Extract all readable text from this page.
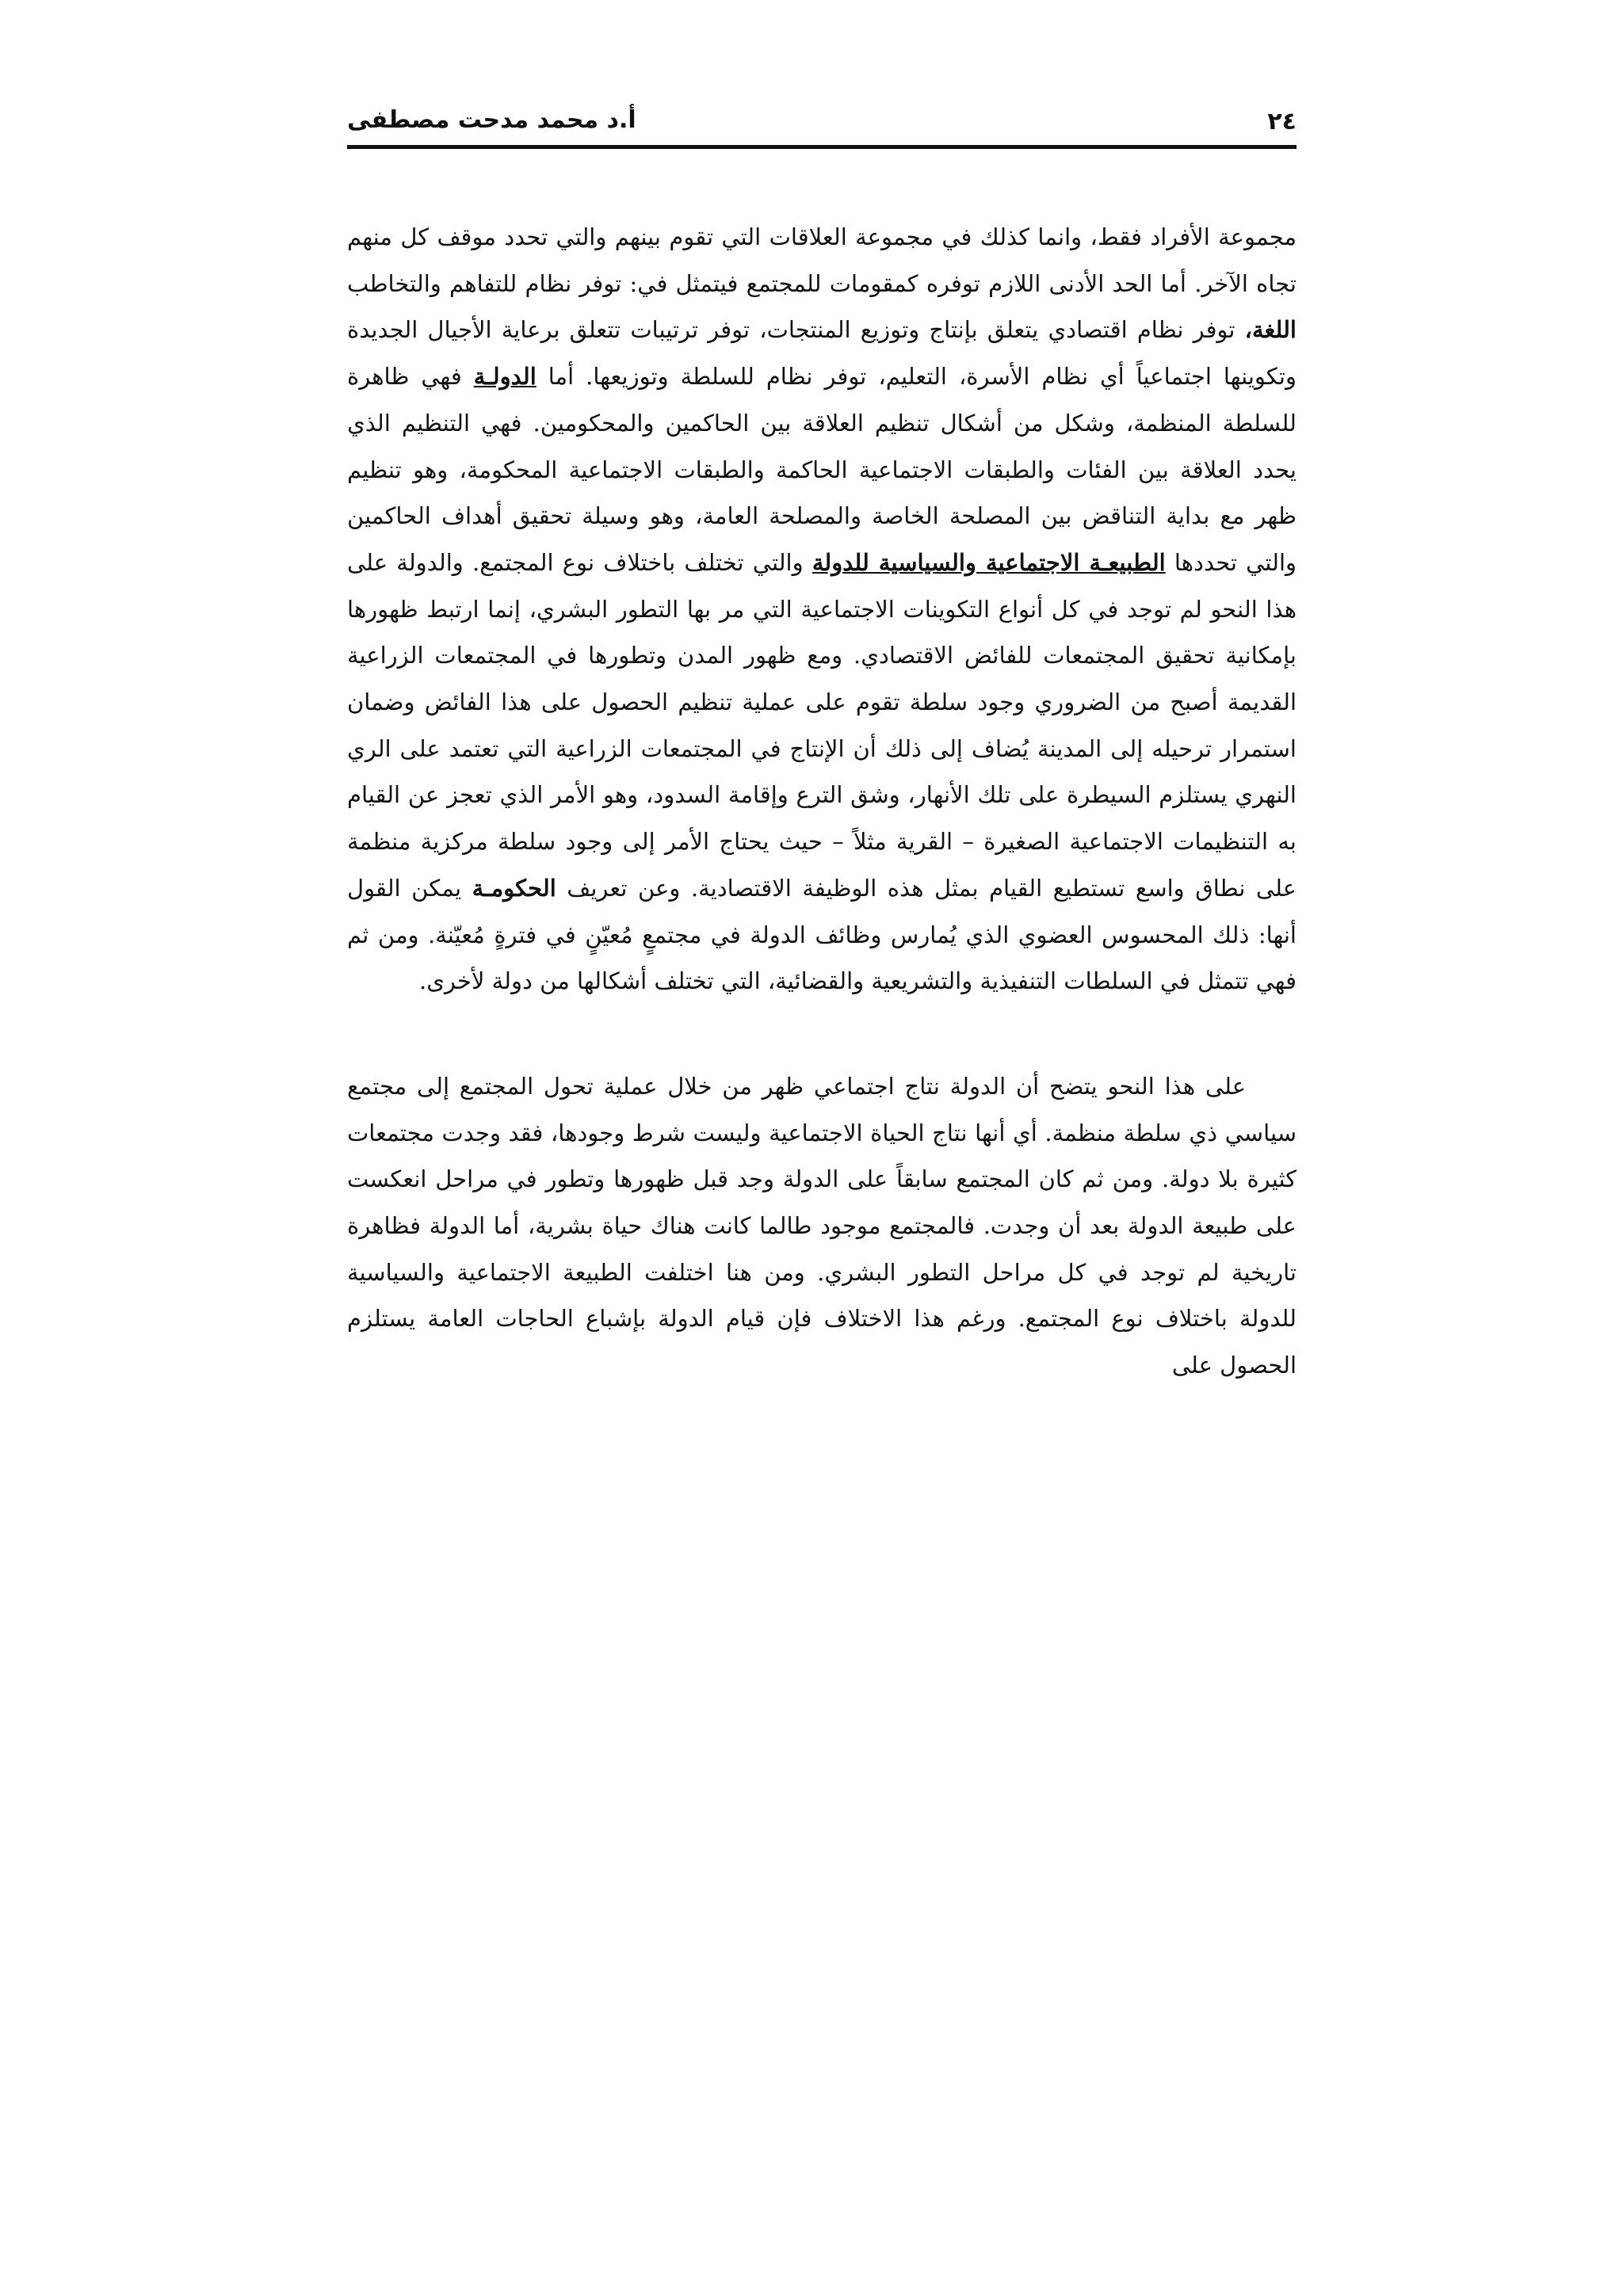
٢٤
أ.د محمد مدحت مصطفى

مجموعة الأفراد فقط، وانما كذلك في مجموعة العلاقات التي تقوم بينهم والتي تحدد موقف كل منهم تجاه الآخر. أما الحد الأدنى اللازم توفره كمقومات للمجتمع فيتمثل في: توفر نظام للتفاهم والتخاطب اللغة، توفر نظام اقتصادي يتعلق بإنتاج وتوزيع المنتجات، توفر ترتيبات تتعلق برعاية الأجيال الجديدة وتكوينها اجتماعياً أي نظام الأسرة، التعليم، توفر نظام للسلطة وتوزيعها. أما الدولـة فهي ظاهرة للسلطة المنظمة، وشكل من أشكال تنظيم العلاقة بين الحاكمين والمحكومين. فهي التنظيم الذي يحدد العلاقة بين الفئات والطبقات الاجتماعية الحاكمة والطبقات الاجتماعية المحكومة، وهو تنظيم ظهر مع بداية التناقض بين المصلحة الخاصة والمصلحة العامة، وهو وسيلة تحقيق أهداف الحاكمين والتي تحددها الطبيعـة الاجتماعية والسياسية للدولة والتي تختلف باختلاف نوع المجتمع. والدولة على هذا النحو لم توجد في كل أنواع التكوينات الاجتماعية التي مر بها التطور البشري، إنما ارتبط ظهورها بإمكانية تحقيق المجتمعات للفائض الاقتصادي. ومع ظهور المدن وتطورها في المجتمعات الزراعية القديمة أصبح من الضروري وجود سلطة تقوم على عملية تنظيم الحصول على هذا الفائض وضمان استمرار ترحيله إلى المدينة يُضاف إلى ذلك أن الإنتاج في المجتمعات الزراعية التي تعتمد على الري النهري يستلزم السيطرة على تلك الأنهار، وشق الترع وإقامة السدود، وهو الأمر الذي تعجز عن القيام به التنظيمات الاجتماعية الصغيرة – القرية مثلاً – حيث يحتاج الأمر إلى وجود سلطة مركزية منظمة على نطاق واسع تستطيع القيام بمثل هذه الوظيفة الاقتصادية. وعن تعريف الحكومـة يمكن القول أنها: ذلك المحسوس العضوي الذي يُمارس وظائف الدولة في مجتمعٍ مُعيّنٍ في فترةٍ مُعيّنة. ومن ثم فهي تتمثل في السلطات التنفيذية والتشريعية والقضائية، التي تختلف أشكالها من دولة لأخرى.

على هذا النحو يتضح أن الدولة نتاج اجتماعي ظهر من خلال عملية تحول المجتمع إلى مجتمع سياسي ذي سلطة منظمة. أي أنها نتاج الحياة الاجتماعية وليست شرط وجودها، فقد وجدت مجتمعات كثيرة بلا دولة. ومن ثم كان المجتمع سابقاً على الدولة وجد قبل ظهورها وتطور في مراحل انعكست على طبيعة الدولة بعد أن وجدت. فالمجتمع موجود طالما كانت هناك حياة بشرية، أما الدولة فظاهرة تاريخية لم توجد في كل مراحل التطور البشري. ومن هنا اختلفت الطبيعة الاجتماعية والسياسية للدولة باختلاف نوع المجتمع. ورغم هذا الاختلاف فإن قيام الدولة بإشباع الحاجات العامة يستلزم الحصول على
